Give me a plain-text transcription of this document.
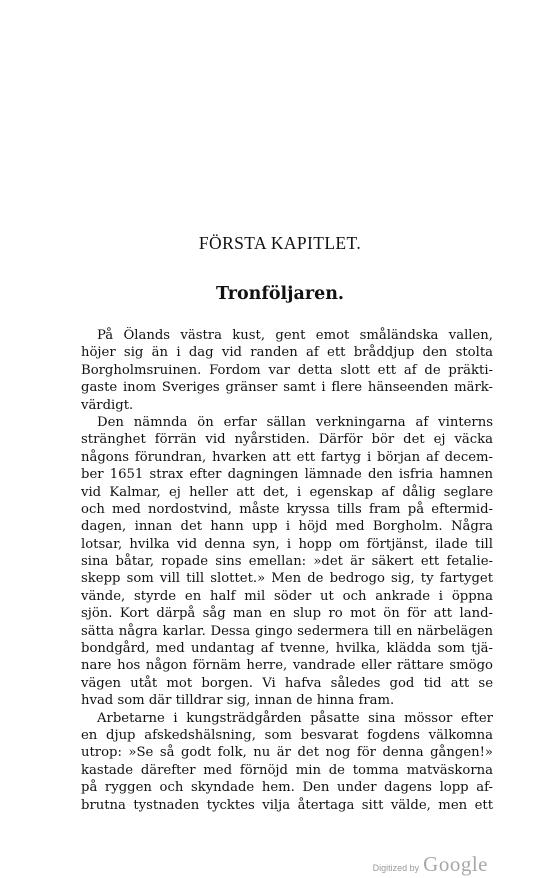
FÖRSTA KAPITLET.
Tronföljaren.
På Ölands västra kust, gent emot småländska vallen,
höjer sig än i dag vid randen af ett bråddjup den stolta
Borgholmsruinen. Fordom var detta slott ett af de präkti-
gaste inom Sveriges gränser samt i flere hänseenden märk-
värdigt.
Den nämnda ön erfar sällan verkningarna af vinterns
stränghet förrän vid nyårstiden. Därför bör det ej väcka
någons förundran, hvarken att ett fartyg i början af decem-
ber 1651 strax efter dagningen lämnade den isfria hamnen
vid Kalmar, ej heller att det, i egenskap af dålig seglare
och med nordostvind, måste kryssa tills fram på eftermid-
dagen, innan det hann upp i höjd med Borgholm. Några
lotsar, hvilka vid denna syn, i hopp om förtjänst, ilade till
sina båtar, ropade sins emellan: »det är säkert ett fetalie-
skepp som vill till slottet.» Men de bedrogo sig, ty fartyget
vände, styrde en half mil söder ut och ankrade i öppna
sjön. Kort därpå såg man en slup ro mot ön för att land-
sätta några karlar. Dessa gingo sedermera till en närbelägen
bondgård, med undantag af tvenne, hvilka, klädda som tjä-
nare hos någon förnäm herre, vandrade eller rättare smögo
vägen utåt mot borgen. Vi hafva således god tid att se
hvad som där tilldrar sig, innan de hinna fram.
Arbetarne i kungsträdgården påsatte sina mössor efter
en djup afskedshälsning, som besvarat fogdens välkomna
utrop: »Se så godt folk, nu är det nog för denna gången!»
kastade därefter med förnöjd min de tomma matväskorna
på ryggen och skyndade hem. Den under dagens lopp af-
brutna tystnaden tycktes vilja återtaga sitt välde, men ett
Digitized by Google
